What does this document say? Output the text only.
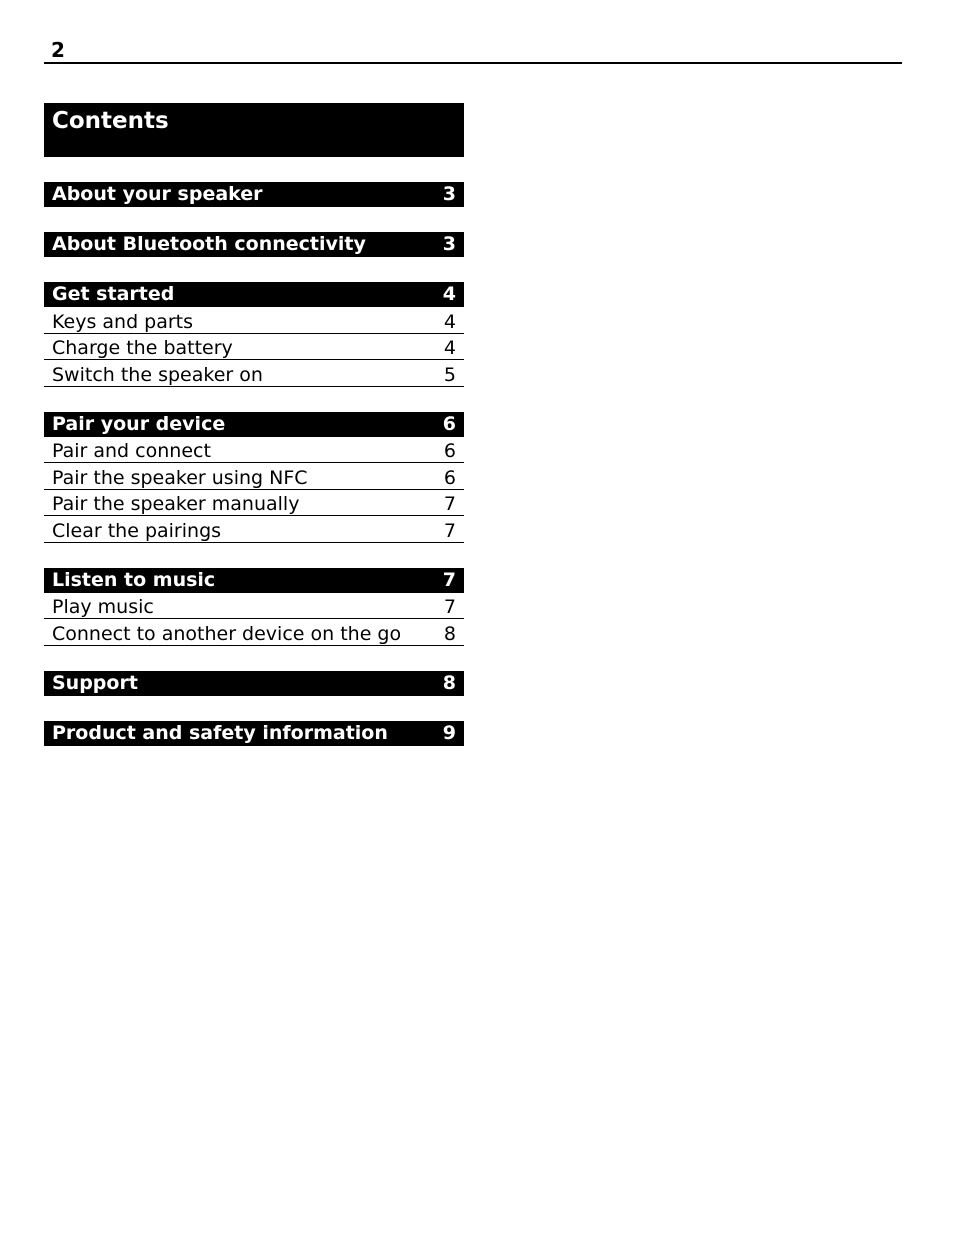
2
Contents
About your speaker	3
About Bluetooth connectivity	3
Get started	4
Keys and parts	4
Charge the battery	4
Switch the speaker on	5
Pair your device	6
Pair and connect	6
Pair the speaker using NFC	6
Pair the speaker manually	7
Clear the pairings	7
Listen to music	7
Play music	7
Connect to another device on the go 8
Support	8
Product and safety information	9
